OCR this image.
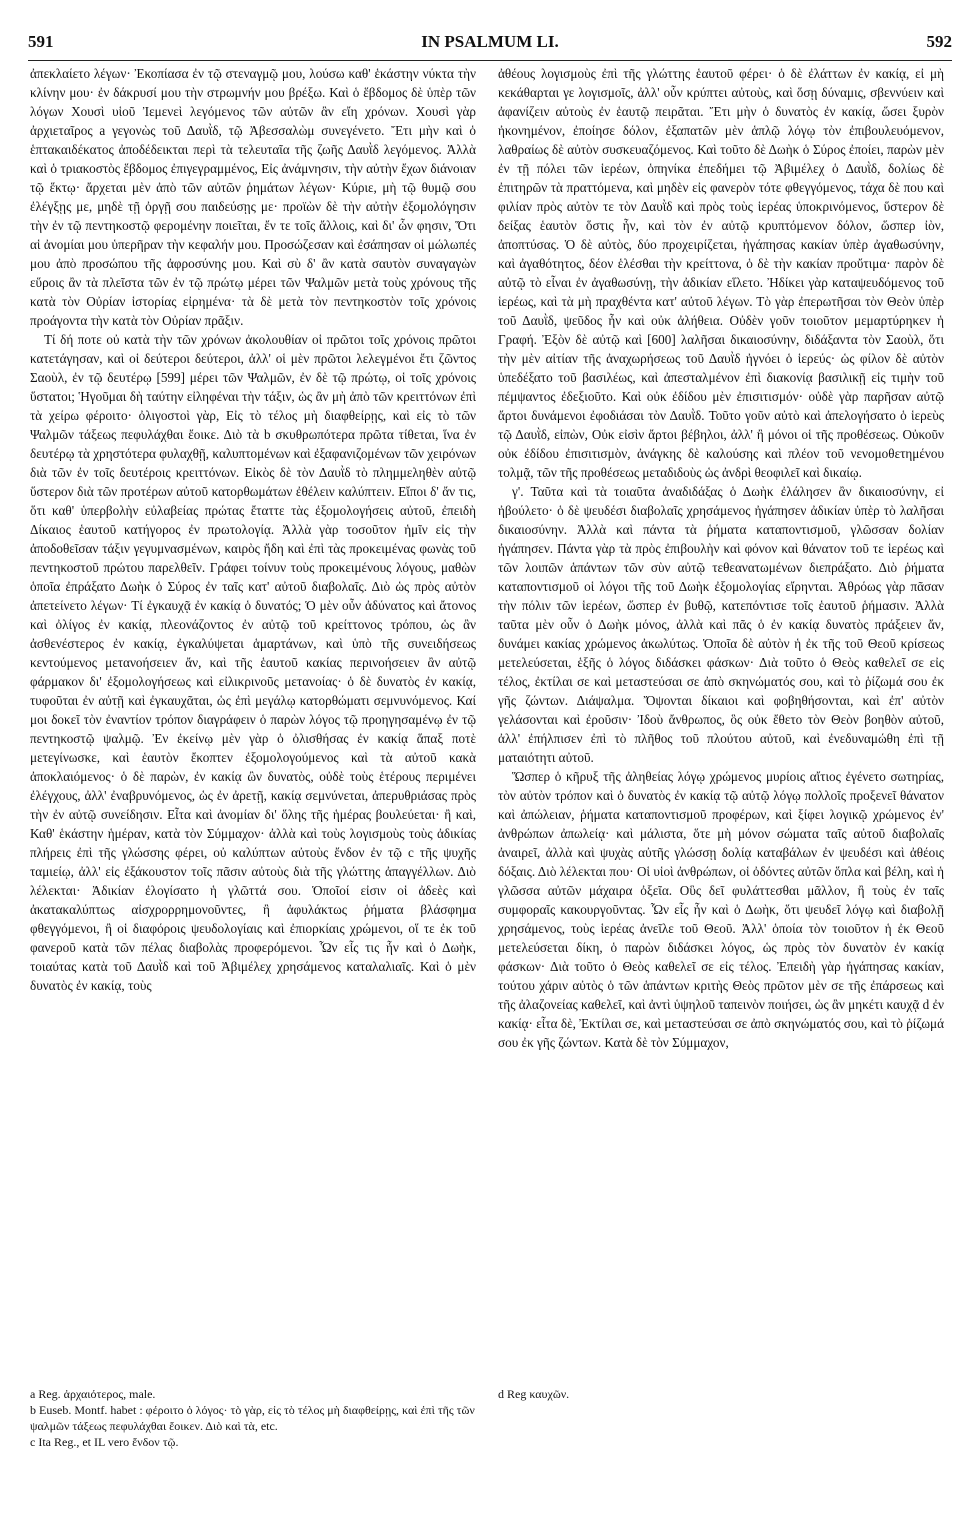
591	IN PSALMUM LI.	592

ἀπεκλαίετο λέγων· Ἐκοπίασα ἐν τῷ στεναγμῷ μου, λούσω καθ' ἑκάστην νύκτα τὴν κλίνην μου· ἐν δάκρυσί μου τὴν στρωμνήν μου βρέξω. Καὶ ὁ ἕβδομος δὲ ὑπὲρ τῶν λόγων Χουσὶ υἱοῦ Ἰεμενεὶ λεγόμενος τῶν αὐτῶν ἂν εἴη χρόνων. Χουσὶ γὰρ ἀρχιεταῖρος a γεγονὼς τοῦ Δαυῒδ, τῷ Ἀβεσσαλὼμ συνεγένετο. Ἔτι μὴν καὶ ὁ ἑπτακαιδέκατος ἀποδέδεικται περὶ τὰ τελευταῖα τῆς ζωῆς Δαυῒδ λεγόμενος. Ἀλλὰ καὶ ὁ τριακοστὸς ἕβδομος ἐπιγεγραμμένος, Εἰς ἀνάμνησιν, τὴν αὐτὴν ἔχων διάνοιαν τῷ ἕκτῳ· ἄρχεται μὲν ἀπὸ τῶν αὐτῶν ῥημάτων λέγων· Κύριε, μὴ τῷ θυμῷ σου ἐλέγξῃς με, μηδὲ τῇ ὀργῇ σου παιδεύσῃς με· προϊὼν δὲ τὴν αὐτὴν ἐξομολόγησιν τὴν ἐν τῷ πεντηκοστῷ φερομένην ποιεῖται, ἔν τε τοῖς ἄλλοις, καὶ δι' ὧν φησιν, Ὅτι αἱ ἀνομίαι μου ὑπερῆραν τὴν κεφαλήν μου. Προσώζεσαν καὶ ἐσάπησαν οἱ μώλωπές μου ἀπὸ προσώπου τῆς ἀφροσύνης μου. Καὶ σὺ δ' ἂν κατὰ σαυτὸν συναγαγὼν εὕροις ἂν τὰ πλεῖστα τῶν ἐν τῷ πρώτῳ μέρει τῶν Ψαλμῶν μετὰ τοὺς χρόνους τῆς κατὰ τὸν Οὐρίαν ἱστορίας εἰρημένα· τὰ δὲ μετὰ τὸν πεντηκοστὸν τοῖς χρόνοις προάγοντα τὴν κατὰ τὸν Οὐρίαν πρᾶξιν.

Τί δή ποτε οὐ κατὰ τὴν τῶν χρόνων ἀκολουθίαν οἱ πρῶτοι τοῖς χρόνοις πρῶτοι κατετάγησαν, καὶ οἱ δεύτεροι δεύτεροι, ἀλλ' οἱ μὲν πρῶτοι λελεγμένοι ἔτι ζῶντος Σαοὺλ, ἐν τῷ δευτέρῳ [599] μέρει τῶν Ψαλμῶν, ἐν δὲ τῷ πρώτῳ, οἱ τοῖς χρόνοις ὕστατοι; Ἡγοῦμαι δὴ ταύτην εἰληφέναι τὴν τάξιν, ὡς ἂν μὴ ἀπὸ τῶν κρειττόνων ἐπὶ τὰ χείρω φέροιτο· ὀλιγοστοὶ γὰρ, Εἰς τὸ τέλος μὴ διαφθείρῃς, καὶ εἰς τὸ τῶν Ψαλμῶν τάξεως πεφυλάχθαι ἔοικε. Διὸ τὰ b σκυθρωπότερα πρῶτα τίθεται, ἵνα ἐν δευτέρῳ τὰ χρηστότερα φυλαχθῇ, καλυπτομένων καὶ ἐξαφανιζομένων τῶν χειρόνων διὰ τῶν ἐν τοῖς δευτέροις κρειττόνων. Εἰκὸς δὲ τὸν Δαυῒδ τὸ πλημμεληθὲν αὐτῷ ὕστερον διὰ τῶν προτέρων αὐτοῦ κατορθωμάτων ἐθέλειν καλύπτειν. Εἴποι δ' ἄν τις, ὅτι καθ' ὑπερβολὴν εὐλαβείας πρώτας ἔταττε τὰς ἐξομολογήσεις αὐτοῦ, ἐπειδὴ Δίκαιος ἑαυτοῦ κατήγορος ἐν πρωτολογίᾳ. Ἀλλὰ γὰρ τοσοῦτον ἡμῖν εἰς τὴν ἀποδοθεῖσαν τάξιν γεγυμνασμένων, καιρὸς ἤδη καὶ ἐπὶ τὰς προκειμένας φωνὰς τοῦ πεντηκοστοῦ πρώτου παρελθεῖν. Γράφει τοίνυν τοὺς προκειμένους λόγους, μαθὼν ὁποῖα ἐπράξατο Δωὴκ ὁ Σύρος ἐν ταῖς κατ' αὐτοῦ διαβολαῖς. Διὸ ὡς πρὸς αὐτὸν ἀπετείνετο λέγων· Τί ἐγκαυχᾷ ἐν κακίᾳ ὁ δυνατός; Ὁ μὲν οὖν ἀδύνατος καὶ ἄτονος καὶ ὀλίγος ἐν κακίᾳ, πλεονάζοντος ἐν αὐτῷ τοῦ κρείττονος τρόπου, ὡς ἂν ἀσθενέστερος ἐν κακίᾳ, ἐγκαλύψεται ἁμαρτάνων, καὶ ὑπὸ τῆς συνειδήσεως κεντούμενος μετανοήσειεν ἄν, καὶ τῆς ἑαυτοῦ κακίας περινοήσειεν ἂν αὐτῷ φάρμακον δι' ἐξομολογήσεως καὶ εἰλικρινοῦς μετανοίας· ὁ δὲ δυνατὸς ἐν κακίᾳ, τυφοῦται ἐν αὐτῇ καὶ ἐγκαυχᾶται, ὡς ἐπὶ μεγάλῳ κατορθώματι σεμνυνόμενος. Καί μοι δοκεῖ τὸν ἐναντίον τρόπον διαγράφειν ὁ παρὼν λόγος τῷ προηγησαμένῳ ἐν τῷ πεντηκοστῷ ψαλμῷ. Ἐν ἐκείνῳ μὲν γὰρ ὁ ὀλισθήσας ἐν κακίᾳ ἅπαξ ποτὲ μετεγίνωσκε, καὶ ἑαυτὸν ἔκοπτεν ἐξομολογούμενος καὶ τὰ αὐτοῦ κακὰ ἀποκλαιόμενος· ὁ δὲ παρὼν, ἐν κακίᾳ ὢν δυνατὸς, οὐδὲ τοὺς ἑτέρους περιμένει ἐλέγχους, ἀλλ' ἐναβρυνόμενος, ὡς ἐν ἀρετῇ, κακίᾳ σεμνύνεται, ἀπερυθριάσας πρὸς τὴν ἐν αὐτῷ συνείδησιν. Εἶτα καὶ ἀνομίαν δι' ὅλης τῆς ἡμέρας βουλεύεται· ἢ καὶ, Καθ' ἑκάστην ἡμέραν, κατὰ τὸν Σύμμαχον· ἀλλὰ καὶ τοὺς λογισμοὺς τοὺς ἀδικίας πλήρεις ἐπὶ τῆς γλώσσης φέρει, οὐ καλύπτων αὐτοὺς ἔνδον ἐν τῷ c τῆς ψυχῆς ταμιείῳ, ἀλλ' εἰς ἐξάκουστον τοῖς πᾶσιν αὐτοὺς διὰ τῆς γλώττης ἀπαγγέλλων. Διὸ λέλεκται· Ἀδικίαν ἐλογίσατο ἡ γλῶττά σου. Ὁποῖοί εἰσιν οἱ ἀδεὲς καὶ ἀκατακαλύπτως αἰσχρορρημονοῦντες, ἢ ἀφυλάκτως ῥήματα βλάσφημα φθεγγόμενοι, ἢ οἱ διαφόροις ψευδολογίαις καὶ ἐπιορκίαις χρώμενοι, οἵ τε ἐκ τοῦ φανεροῦ κατὰ τῶν πέλας διαβολὰς προφερόμενοι. Ὧν εἷς τις ἦν καὶ ὁ Δωὴκ, τοιαύτας κατὰ τοῦ Δαυῒδ καὶ τοῦ Ἀβιμέλεχ χρησάμενος καταλαλιαῖς. Καὶ ὁ μὲν δυνατὸς ἐν κακίᾳ, τοὺς

ἀθέους λογισμοὺς ἐπὶ τῆς γλώττης ἑαυτοῦ φέρει· ὁ δὲ ἐλάττων ἐν κακίᾳ, εἰ μὴ κεκάθαρται γε λογισμοῖς, ἀλλ' οὖν κρύπτει αὐτοὺς, καὶ ὅσῃ δύναμις, σβεννύειν καὶ ἀφανίζειν αὐτοὺς ἐν ἑαυτῷ πειρᾶται. Ἔτι μὴν ὁ δυνατὸς ἐν κακίᾳ, ὥσει ξυρὸν ἠκονημένον, ἐποίησε δόλον, ἐξαπατῶν μὲν ἁπλῷ λόγῳ τὸν ἐπιβουλευόμενον, λαθραίως δὲ αὐτὸν συσκευαζόμενος. Καὶ τοῦτο δὲ Δωὴκ ὁ Σύρος ἐποίει, παρὼν μὲν ἐν τῇ πόλει τῶν ἱερέων, ὁπηνίκα ἐπεδήμει τῷ Ἀβιμέλεχ ὁ Δαυῒδ, δολίως δὲ ἐπιτηρῶν τὰ πραττόμενα, καὶ μηδὲν εἰς φανερὸν τότε φθεγγόμενος, τάχα δὲ που καὶ φιλίαν πρὸς αὐτὸν τε τὸν Δαυῒδ καὶ πρὸς τοὺς ἱερέας ὑποκρινόμενος, ὕστερον δὲ δείξας ἑαυτὸν ὅστις ἦν, καὶ τὸν ἐν αὐτῷ κρυπτόμενον δόλον, ὥσπερ ἰὸν, ἀποπτύσας. Ὁ δὲ αὐτὸς, δύο προχειρίζεται, ἠγάπησας κακίαν ὑπὲρ ἀγαθωσύνην, καὶ ἀγαθότητος, δέον ἑλέσθαι τὴν κρείττονα, ὁ δὲ τὴν κακίαν προὔτιμα· παρὸν δὲ αὐτῷ τὸ εἶναι ἐν ἀγαθωσύνῃ, τὴν ἀδικίαν εἵλετο. Ἠδίκει γὰρ καταψευδόμενος τοῦ ἱερέως, καὶ τὰ μὴ πραχθέντα κατ' αὐτοῦ λέγων. Τὸ γὰρ ἐπερωτῆσαι τὸν Θεὸν ὑπὲρ τοῦ Δαυῒδ, ψεῦδος ἦν καὶ οὐκ ἀλήθεια. Οὐδὲν γοῦν τοιοῦτον μεμαρτύρηκεν ἡ Γραφή. Ἐξὸν δὲ αὐτῷ καὶ [600] λαλῆσαι δικαιοσύνην, διδάξαντα τὸν Σαοὺλ, ὅτι τὴν μὲν αἰτίαν τῆς ἀναχωρήσεως τοῦ Δαυῒδ ἠγνόει ὁ ἱερεύς· ὡς φίλον δὲ αὐτὸν ὑπεδέξατο τοῦ βασιλέως, καὶ ἀπεσταλμένον ἐπὶ διακονίᾳ βασιλικῇ εἰς τιμὴν τοῦ πέμψαντος ἐδεξιοῦτο. Καὶ οὐκ ἐδίδου μὲν ἐπισιτισμόν· οὐδὲ γὰρ παρῆσαν αὐτῷ ἄρτοι δυνάμενοι ἐφοδιάσαι τὸν Δαυῒδ. Τοῦτο γοῦν αὐτὸ καὶ ἀπελογήσατο ὁ ἱερεὺς τῷ Δαυῒδ, εἰπὼν, Οὐκ εἰσὶν ἄρτοι βέβηλοι, ἀλλ' ἢ μόνοι οἱ τῆς προθέσεως. Οὐκοῦν οὐκ ἐδίδου ἐπισιτισμὸν, ἀνάγκης δὲ καλούσης καὶ πλέον τοῦ νενομοθετημένου τολμᾷ, τῶν τῆς προθέσεως μεταδιδοὺς ὡς ἀνδρὶ θεοφιλεῖ καὶ δικαίῳ.

γ'. Ταῦτα καὶ τὰ τοιαῦτα ἀναδιδάξας ὁ Δωὴκ ἐλάλησεν ἂν δικαιοσύνην, εἰ ἠβούλετο· ὁ δὲ ψευδέσι διαβολαῖς χρησάμενος ἠγάπησεν ἀδικίαν ὑπὲρ τὸ λαλῆσαι δικαιοσύνην. Ἀλλὰ καὶ πάντα τὰ ῥήματα καταποντισμοῦ, γλῶσσαν δολίαν ἠγάπησεν. Πάντα γὰρ τὰ πρὸς ἐπιβουλὴν καὶ φόνον καὶ θάνατον τοῦ τε ἱερέως καὶ τῶν λοιπῶν ἁπάντων τῶν σὺν αὐτῷ τεθεανατωμένων διεπράξατο. Διὸ ῥήματα καταποντισμοῦ οἱ λόγοι τῆς τοῦ Δωὴκ ἐξομολογίας εἴρηνται. Ἀθρόως γὰρ πᾶσαν τὴν πόλιν τῶν ἱερέων, ὥσπερ ἐν βυθῷ, κατεπόντισε τοῖς ἑαυτοῦ ῥήμασιν. Ἀλλὰ ταῦτα μὲν οὖν ὁ Δωὴκ μόνος, ἀλλὰ καὶ πᾶς ὁ ἐν κακίᾳ δυνατὸς πράξειεν ἄν, δυνάμει κακίας χρώμενος ἀκωλύτως. Ὁποῖα δὲ αὐτὸν ἡ ἐκ τῆς τοῦ Θεοῦ κρίσεως μετελεύσεται, ἑξῆς ὁ λόγος διδάσκει φάσκων· Διὰ τοῦτο ὁ Θεὸς καθελεῖ σε εἰς τέλος, ἐκτίλαι σε καὶ μεταστεύσαι σε ἀπὸ σκηνώματός σου, καὶ τὸ ῥίζωμά σου ἐκ γῆς ζώντων. Διάψαλμα. Ὄψονται δίκαιοι καὶ φοβηθήσονται, καὶ ἐπ' αὐτὸν γελάσονται καὶ ἐροῦσιν· Ἰδοὺ ἄνθρωπος, ὃς οὐκ ἔθετο τὸν Θεὸν βοηθὸν αὐτοῦ, ἀλλ' ἐπήλπισεν ἐπὶ τὸ πλῆθος τοῦ πλούτου αὐτοῦ, καὶ ἐνεδυναμώθη ἐπὶ τῇ ματαιότητι αὐτοῦ.

Ὥσπερ ὁ κῆρυξ τῆς ἀληθείας λόγῳ χρώμενος μυρίοις αἴτιος ἐγένετο σωτηρίας, τὸν αὐτὸν τρόπον καὶ ὁ δυνατὸς ἐν κακίᾳ τῷ αὐτῷ λόγῳ πολλοῖς προξενεῖ θάνατον καὶ ἀπώλειαν, ῥήματα καταποντισμοῦ προφέρων, καὶ ξίφει λογικῷ χρώμενος ἐν' ἀνθρώπων ἀπωλείᾳ· καὶ μάλιστα, ὅτε μὴ μόνον σώματα ταῖς αὐτοῦ διαβολαῖς ἀναιρεῖ, ἀλλὰ καὶ ψυχὰς αὐτῆς γλώσσῃ δολίᾳ καταβάλων ἐν ψευδέσι καὶ ἀθέοις δόξαις. Διὸ λέλεκται που· Οἱ υἱοὶ ἀνθρώπων, οἱ ὀδόντες αὐτῶν ὅπλα καὶ βέλη, καὶ ἡ γλῶσσα αὐτῶν μάχαιρα ὀξεῖα. Οὓς δεῖ φυλάττεσθαι μᾶλλον, ἢ τοὺς ἐν ταῖς συμφοραῖς κακουργοῦντας. Ὧν εἷς ἦν καὶ ὁ Δωὴκ, ὅτι ψευδεῖ λόγῳ καὶ διαβολῇ χρησάμενος, τοὺς ἱερέας ἀνεῖλε τοῦ Θεοῦ. Ἀλλ' ὁποία τὸν τοιοῦτον ἡ ἐκ Θεοῦ μετελεύσεται δίκη, ὁ παρὼν διδάσκει λόγος, ὡς πρὸς τὸν δυνατὸν ἐν κακίᾳ φάσκων· Διὰ τοῦτο ὁ Θεὸς καθελεῖ σε εἰς τέλος. Ἐπειδὴ γὰρ ἠγάπησας κακίαν, τούτου χάριν αὐτὸς ὁ τῶν ἁπάντων κριτὴς Θεὸς πρῶτον μὲν σε τῆς ἐπάρσεως καὶ τῆς ἀλαζονείας καθελεῖ, καὶ ἀντὶ ὑψηλοῦ ταπεινὸν ποιήσει, ὡς ἂν μηκέτι καυχᾷ d ἐν κακίᾳ· εἶτα δὲ, Ἐκτίλαι σε, καὶ μεταστεύσαι σε ἀπὸ σκηνώματός σου, καὶ τὸ ῥίζωμά σου ἐκ γῆς ζώντων. Κατὰ δὲ τὸν Σύμμαχον,

a Reg. ἀρχαιότερος, male.
b Euseb. Montf. habet : φέροιτο ὁ λόγος· τὸ γὰρ, εἰς τὸ τέλος μὴ διαφθείρῃς, καὶ ἐπὶ τῆς τῶν ψαλμῶν τάξεως πεφυλάχθαι ἔοικεν. Διὸ καὶ τὰ, etc.
c Ita Reg., et IL vero ἔνδον τῷ.
d Reg καυχῶν.
